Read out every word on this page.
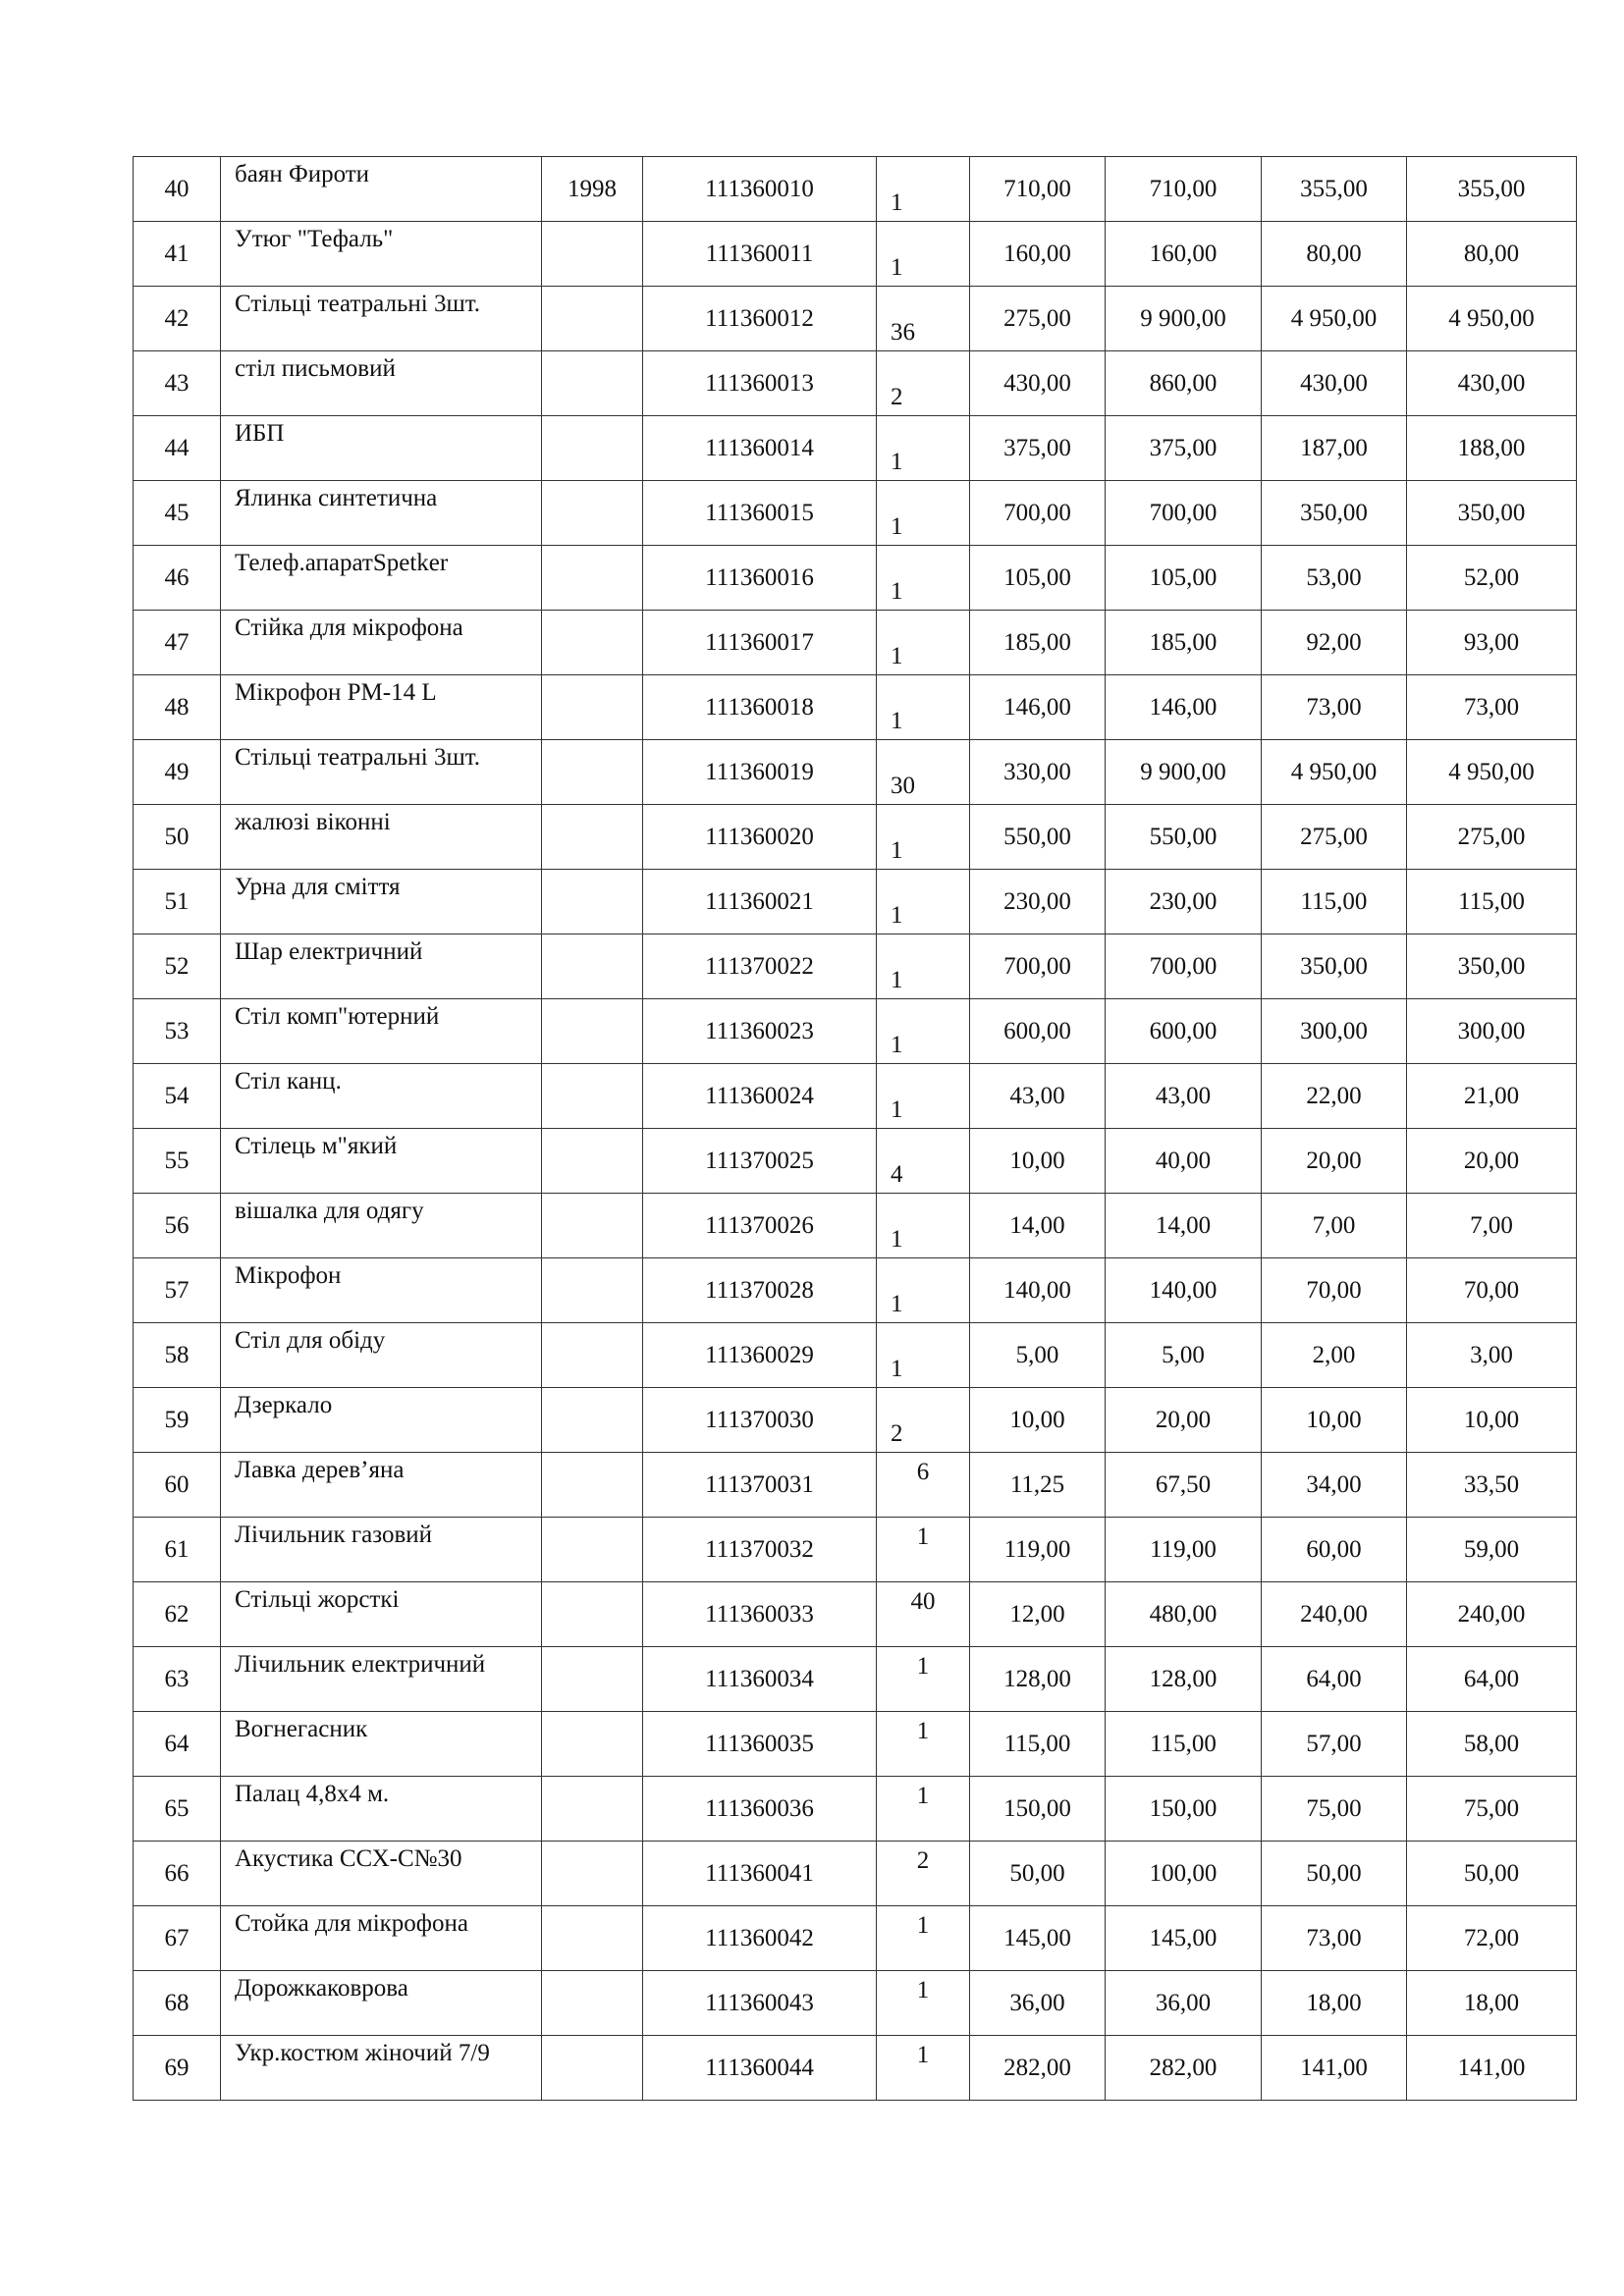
40	баян Фироти	1998	111360010	1	710,00	710,00	355,00	355,00
41	Утюг "Тефаль"		111360011	1	160,00	160,00	80,00	80,00
42	Стільці театральні 3шт.		111360012	36	275,00	9 900,00	4 950,00	4 950,00
43	стіл письмовий		111360013	2	430,00	860,00	430,00	430,00
44	ИБП		111360014	1	375,00	375,00	187,00	188,00
45	Ялинка синтетична		111360015	1	700,00	700,00	350,00	350,00
46	Телеф.апаратSpetker		111360016	1	105,00	105,00	53,00	52,00
47	Стійка для мікрофона		111360017	1	185,00	185,00	92,00	93,00
48	Мікрофон РМ-14 L		111360018	1	146,00	146,00	73,00	73,00
49	Стільці театральні 3шт.		111360019	30	330,00	9 900,00	4 950,00	4 950,00
50	жалюзі віконні		111360020	1	550,00	550,00	275,00	275,00
51	Урна для сміття		111360021	1	230,00	230,00	115,00	115,00
52	Шар електричний		111370022	1	700,00	700,00	350,00	350,00
53	Стіл комп"ютерний		111360023	1	600,00	600,00	300,00	300,00
54	Стіл канц.		111360024	1	43,00	43,00	22,00	21,00
55	Стілець м"який		111370025	4	10,00	40,00	20,00	20,00
56	вішалка для одягу		111370026	1	14,00	14,00	7,00	7,00
57	Мікрофон		111370028	1	140,00	140,00	70,00	70,00
58	Стіл для обіду		111360029	1	5,00	5,00	2,00	3,00
59	Дзеркало		111370030	2	10,00	20,00	10,00	10,00
60	Лавка дерев’яна		111370031	6	11,25	67,50	34,00	33,50
61	Лічильник газовий		111370032	1	119,00	119,00	60,00	59,00
62	Стільці жорсткі		111360033	40	12,00	480,00	240,00	240,00
63	Лічильник електричний		111360034	1	128,00	128,00	64,00	64,00
64	Вогнегасник		111360035	1	115,00	115,00	57,00	58,00
65	Палац 4,8х4 м.		111360036	1	150,00	150,00	75,00	75,00
66	Акустика ССХ-С№30		111360041	2	50,00	100,00	50,00	50,00
67	Стойка для мікрофона		111360042	1	145,00	145,00	73,00	72,00
68	Дорожкаковрова		111360043	1	36,00	36,00	18,00	18,00
69	Укр.костюм жіночий 7/9		111360044	1	282,00	282,00	141,00	141,00
